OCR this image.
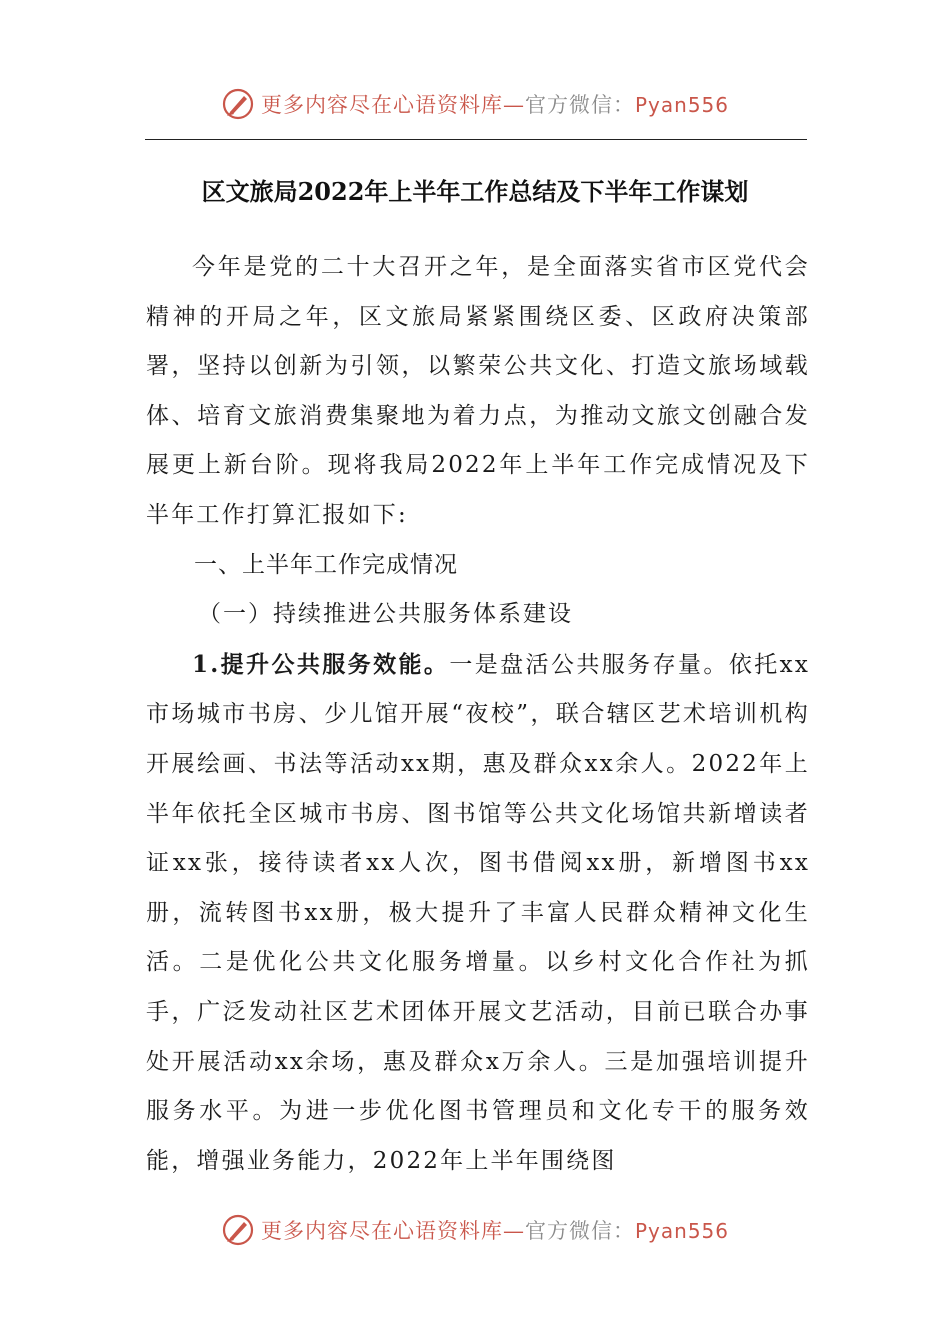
更多内容尽在心语资料库—官方微信：Pyan556
区文旅局2022年上半年工作总结及下半年工作谋划

今年是党的二十大召开之年，是全面落实省市区党代会精神的开局之年，区文旅局紧紧围绕区委、区政府决策部署，坚持以创新为引领，以繁荣公共文化、打造文旅场域载体、培育文旅消费集聚地为着力点，为推动文旅文创融合发展更上新台阶。现将我局2022年上半年工作完成情况及下半年工作打算汇报如下:

一、上半年工作完成情况

（一）持续推进公共服务体系建设

1.提升公共服务效能。一是盘活公共服务存量。依托xx市场城市书房、少儿馆开展“夜校”，联合辖区艺术培训机构开展绘画、书法等活动xx期，惠及群众xx余人。2022年上半年依托全区城市书房、图书馆等公共文化场馆共新增读者证xx张，接待读者xx人次，图书借阅xx册，新增图书xx册，流转图书xx册，极大提升了丰富人民群众精神文化生活。二是优化公共文化服务增量。以乡村文化合作社为抓手，广泛发动社区艺术团体开展文艺活动，目前已联合办事处开展活动xx余场，惠及群众x万余人。三是加强培训提升服务水平。为进一步优化图书管理员和文化专干的服务效能，增强业务能力，2022年上半年围绕图

更多内容尽在心语资料库—官方微信：Pyan556
